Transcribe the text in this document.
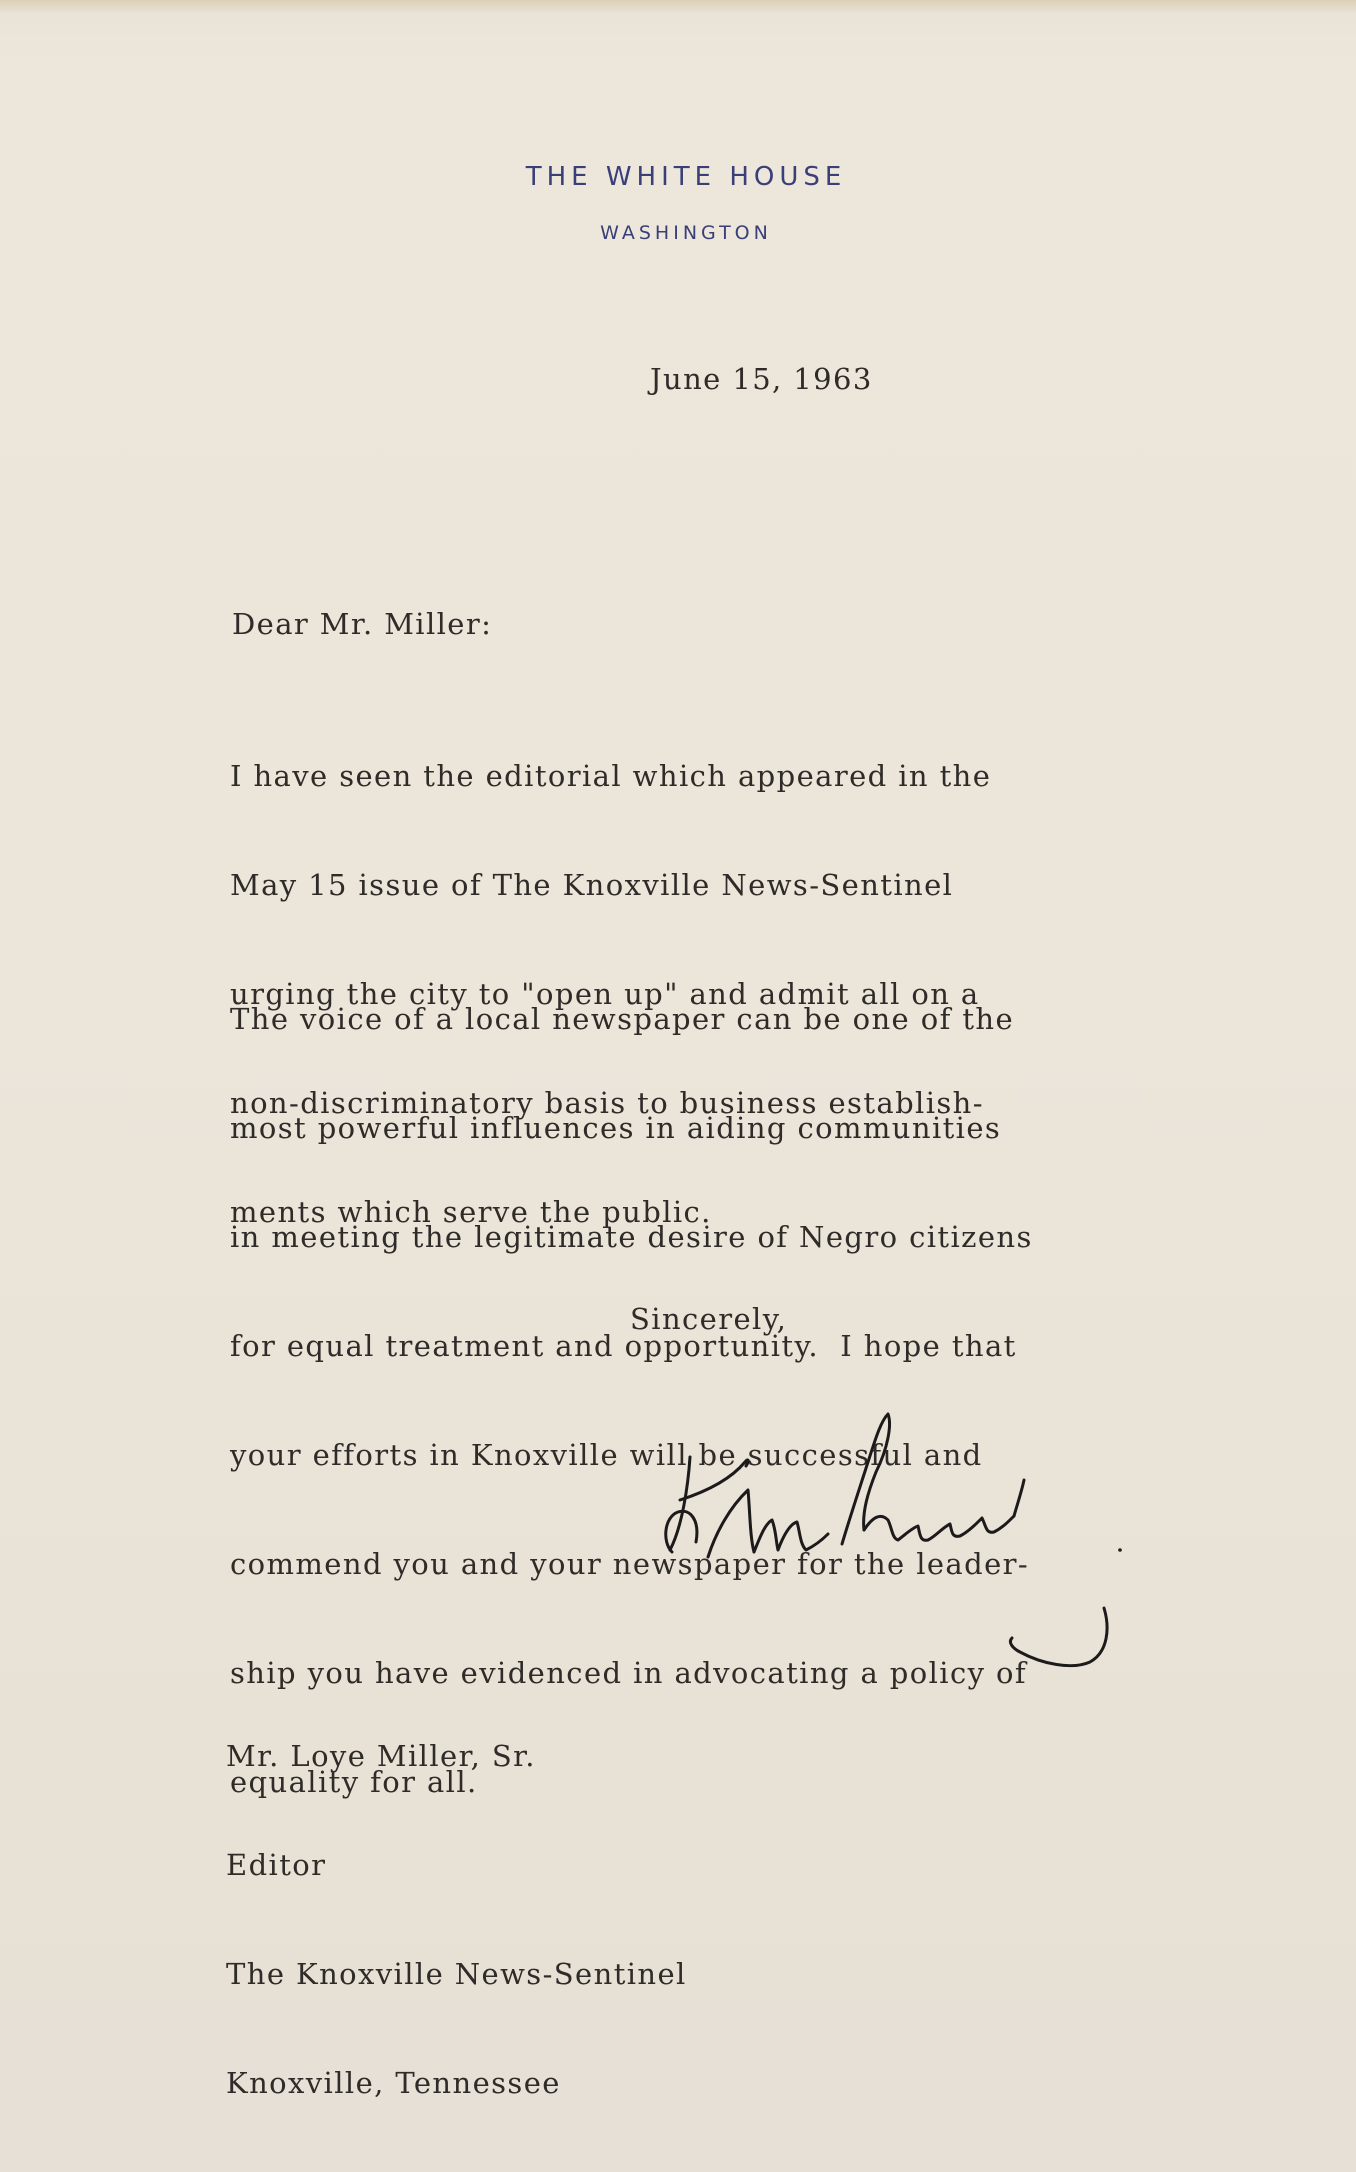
THE WHITE HOUSE
WASHINGTON
June 15, 1963
Dear Mr. Miller:

I have seen the editorial which appeared in the

May 15 issue of The Knoxville News-Sentinel

urging the city to "open up" and admit all on a

non-discriminatory basis to business establish-

ments which serve the public.

The voice of a local newspaper can be one of the

most powerful influences in aiding communities

in meeting the legitimate desire of Negro citizens

for equal treatment and opportunity.  I hope that

your efforts in Knoxville will be successful and

commend you and your newspaper for the leader-

ship you have evidenced in advocating a policy of

equality for all.

Sincerely,

Mr. Loye Miller, Sr.

Editor

The Knoxville News-Sentinel

Knoxville, Tennessee
